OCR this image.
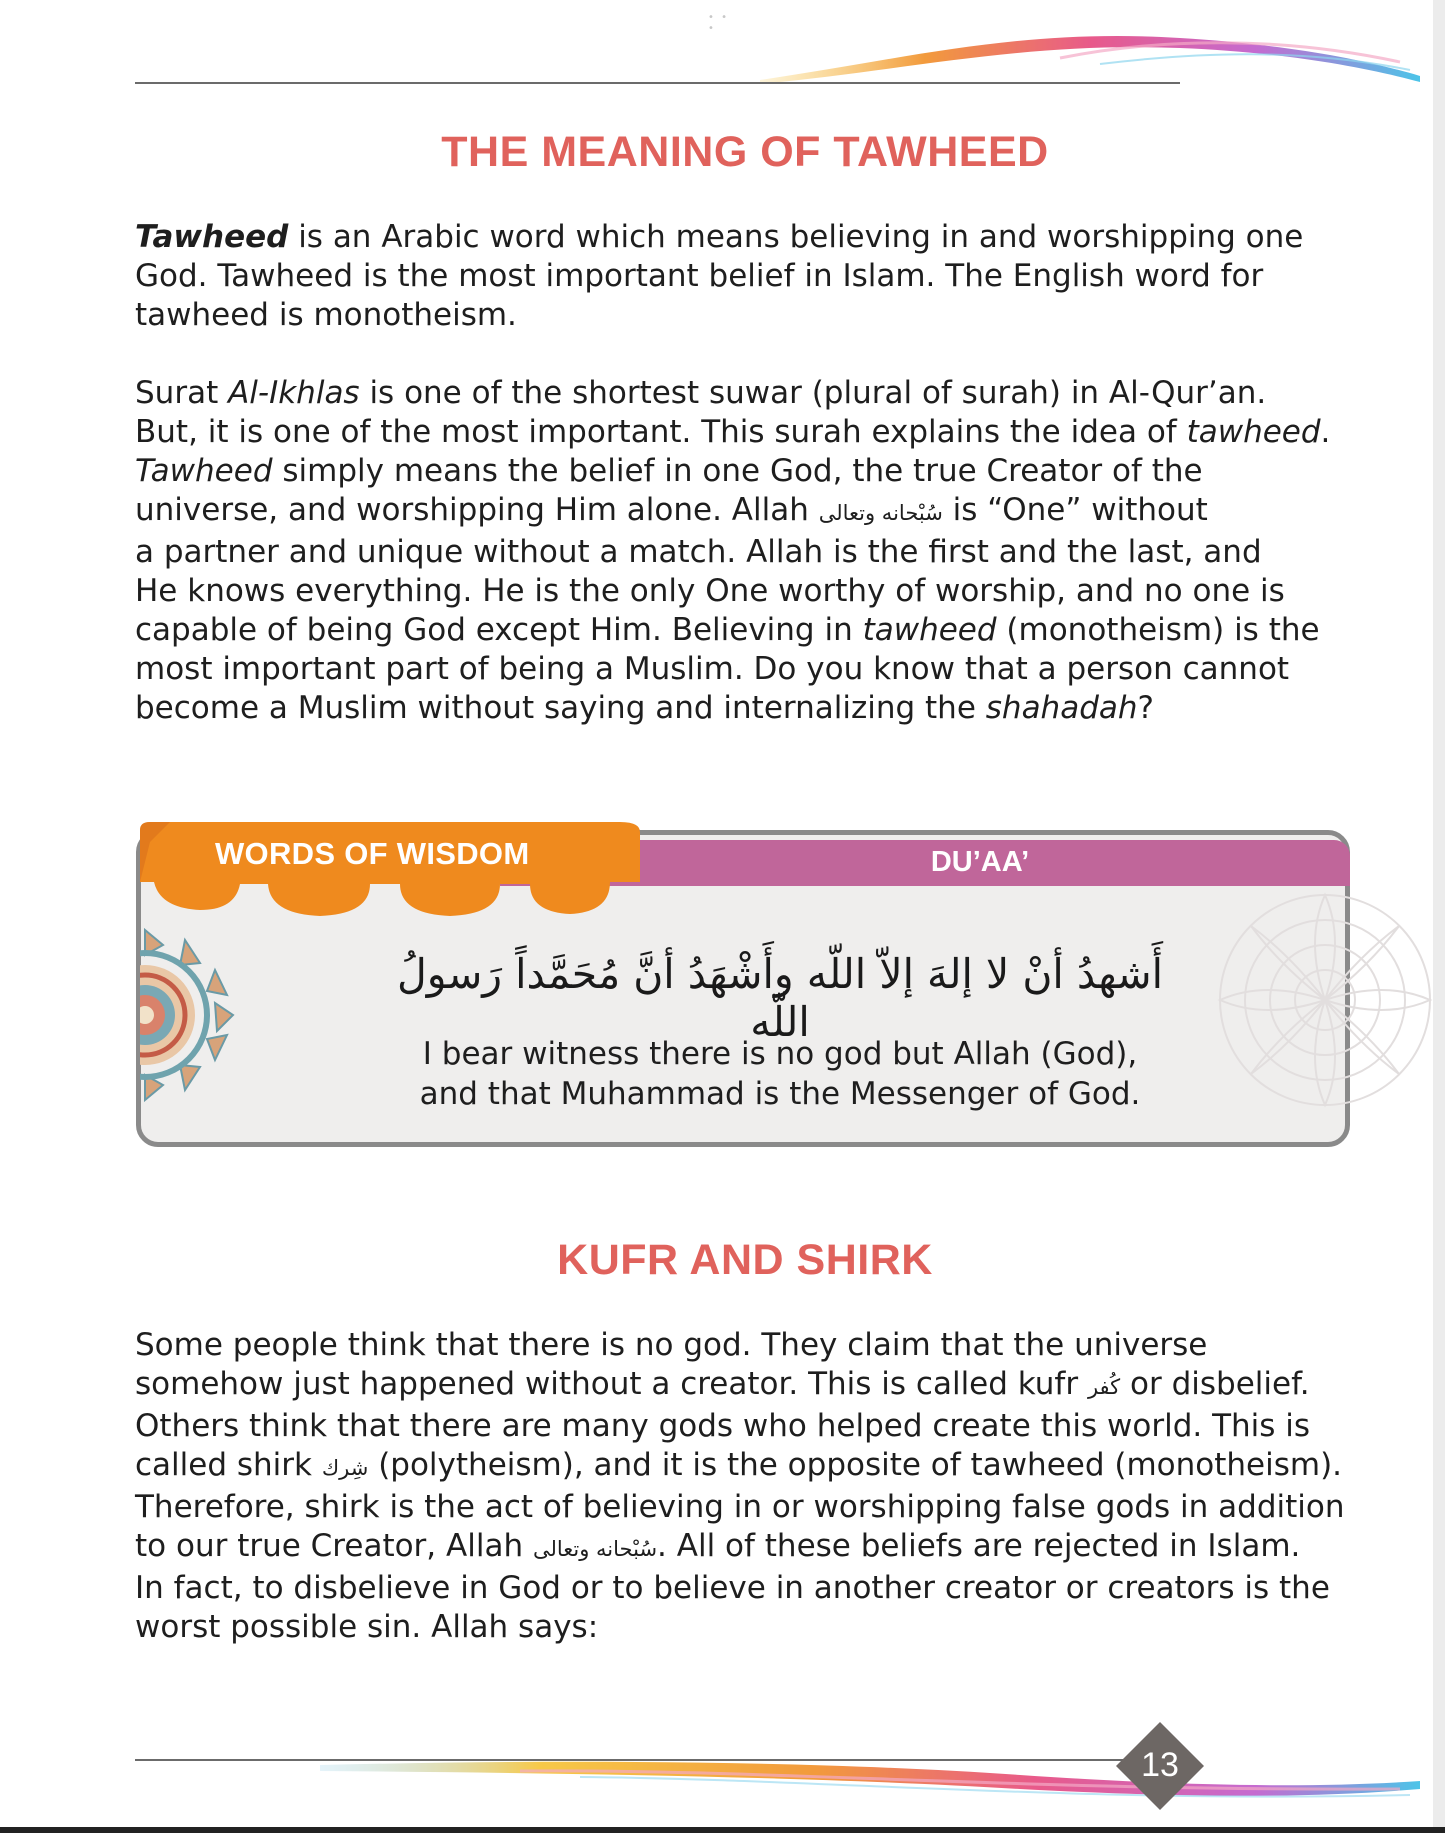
• • •
THE MEANING OF TAWHEED
Tawheed is an Arabic word which means believing in and worshipping one
God. Tawheed is the most important belief in Islam. The English word for
tawheed is monotheism.
Surat Al-Ikhlas is one of the shortest suwar (plural of surah) in Al-Qur’an.
But, it is one of the most important. This surah explains the idea of tawheed.
Tawheed simply means the belief in one God, the true Creator of the
universe, and worshipping Him alone. Allah سُبْحانه وتعالى is “One” without
a partner and unique without a match. Allah is the first and the last, and
He knows everything. He is the only One worthy of worship, and no one is
capable of being God except Him. Believing in tawheed (monotheism) is the
most important part of being a Muslim. Do you know that a person cannot
become a Muslim without saying and internalizing the shahadah?
DU’AA’
WORDS OF WISDOM
أَشهدُ أنْ لا إلهَ إلاّ اللّه وأَشْهَدُ أنَّ مُحَمَّداً رَسولُ اللّه
I bear witness there is no god but Allah (God),
and that Muhammad is the Messenger of God.
KUFR AND SHIRK
Some people think that there is no god. They claim that the universe
somehow just happened without a creator. This is called kufr كُفر or disbelief.
Others think that there are many gods who helped create this world. This is
called shirk شِرك (polytheism), and it is the opposite of tawheed (monotheism).
Therefore, shirk is the act of believing in or worshipping false gods in addition
to our true Creator, Allah سُبْحانه وتعالى. All of these beliefs are rejected in Islam.
In fact, to disbelieve in God or to believe in another creator or creators is the
worst possible sin. Allah says:
13
